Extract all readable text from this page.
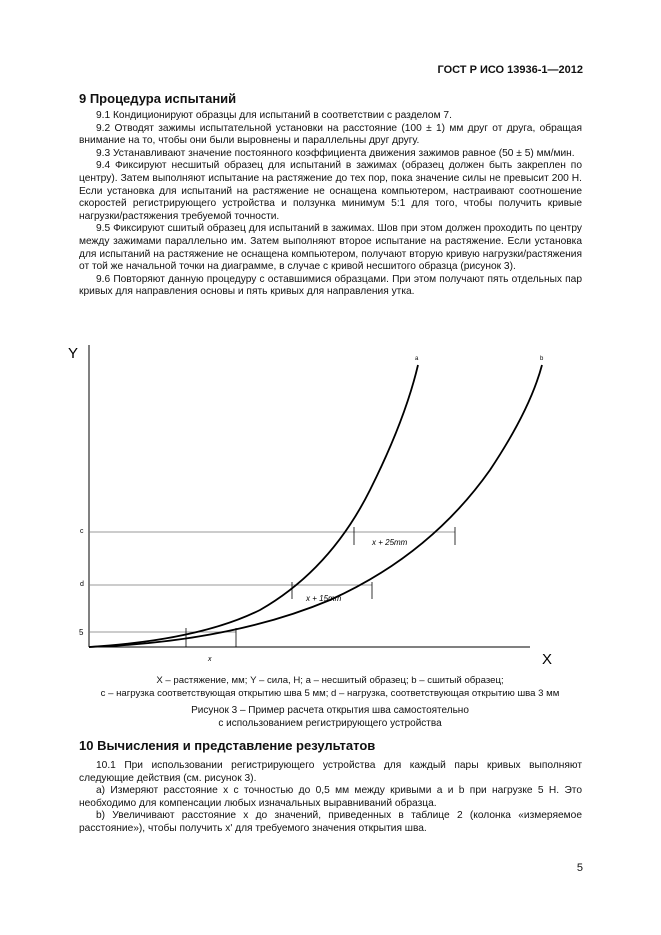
ГОСТ Р ИСО 13936-1—2012
9 Процедура испытаний

9.1 Кондиционируют образцы для испытаний в соответствии с разделом 7.

9.2 Отводят зажимы испытательной установки на расстояние (100 ± 1) мм друг от друга, обращая внимание на то, чтобы они были выровнены и параллельны друг другу.

9.3 Устанавливают значение постоянного коэффициента движения зажимов равное (50 ± 5) мм/мин.

9.4 Фиксируют несшитый образец для испытаний в зажимах (образец должен быть закреплен по центру). Затем выполняют испытание на растяжение до тех пор, пока значение силы не превысит 200 Н. Если установка для испытаний на растяжение не оснащена компьютером, настраивают соотношение скоростей регистрирующего устройства и ползунка минимум 5:1 для того, чтобы получить кривые нагрузки/растяжения требуемой точности.

9.5 Фиксируют сшитый образец для испытаний в зажимах. Шов при этом должен проходить по центру между зажимами параллельно им. Затем выполняют второе испытание на растяжение. Если установка для испытаний на растяжение не оснащена компьютером, получают вторую кривую нагрузки/растяжения от той же начальной точки на диаграмме, в случае с кривой несшитого образца (рисунок 3).

9.6 Повторяют данную процедуру с оставшимися образцами. При этом получают пять отдельных пар кривых для направления основы и пять кривых для направления утка.

Y
X
c
d
5
a	b
x + 25mm
x + 15mm
x
X – растяжение, мм; Y – сила, Н; a – несшитый образец; b – сшитый образец;
c – нагрузка соответствующая открытию шва 5 мм; d – нагрузка, соответствующая открытию шва 3 мм
Рисунок 3 – Пример расчета открытия шва самостоятельно
с использованием регистрирующего устройства
10 Вычисления и представление результатов

10.1 При использовании регистрирующего устройства для каждый пары кривых выполняют следующие действия (см. рисунок 3).

а) Измеряют расстояние x с точностью до 0,5 мм между кривыми a и b при нагрузке 5 Н. Это необходимо для компенсации любых изначальных выравниваний образца.

b) Увеличивают расстояние x до значений, приведенных в таблице 2 (колонка «измеряемое расстояние»), чтобы получить x' для требуемого значения открытия шва.

5
